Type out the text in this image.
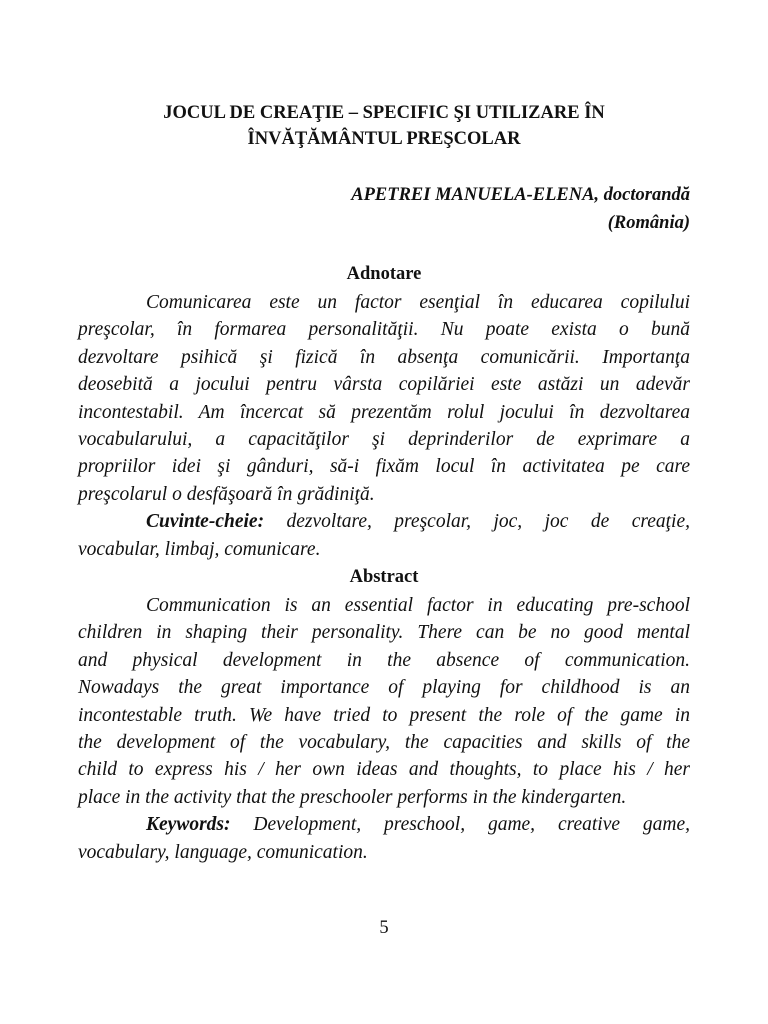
JOCUL DE CREAŢIE – SPECIFIC ŞI UTILIZARE ÎN
ÎNVĂŢĂMÂNTUL PREŞCOLAR
APETREI MANUELA-ELENA, doctorandă
(România)
Adnotare
Comunicarea este un factor esenţial în educarea copilului
preşcolar, în formarea personalităţii. Nu poate exista o bună
dezvoltare psihică şi fizică în absenţa comunicării. Importanţa
deosebită a jocului pentru vârsta copilăriei este astăzi un adevăr
incontestabil. Am încercat să prezentăm rolul jocului în dezvoltarea
vocabularului, a capacităţilor şi deprinderilor de exprimare a
propriilor idei şi gânduri, să-i fixăm locul în activitatea pe care
preşcolarul o desfăşoară în grădiniţă.
Cuvinte-cheie: dezvoltare, preşcolar, joc, joc de creaţie,
vocabular, limbaj, comunicare.
Abstract
Communication is an essential factor in educating pre-school
children in shaping their personality. There can be no good mental
and physical development in the absence of communication.
Nowadays the great importance of playing for childhood is an
incontestable truth. We have tried to present the role of the game in
the development of the vocabulary, the capacities and skills of the
child to express his / her own ideas and thoughts, to place his / her
place in the activity that the preschooler performs in the kindergarten.
Keywords: Development, preschool, game, creative game,
vocabulary, language, comunication.
5
